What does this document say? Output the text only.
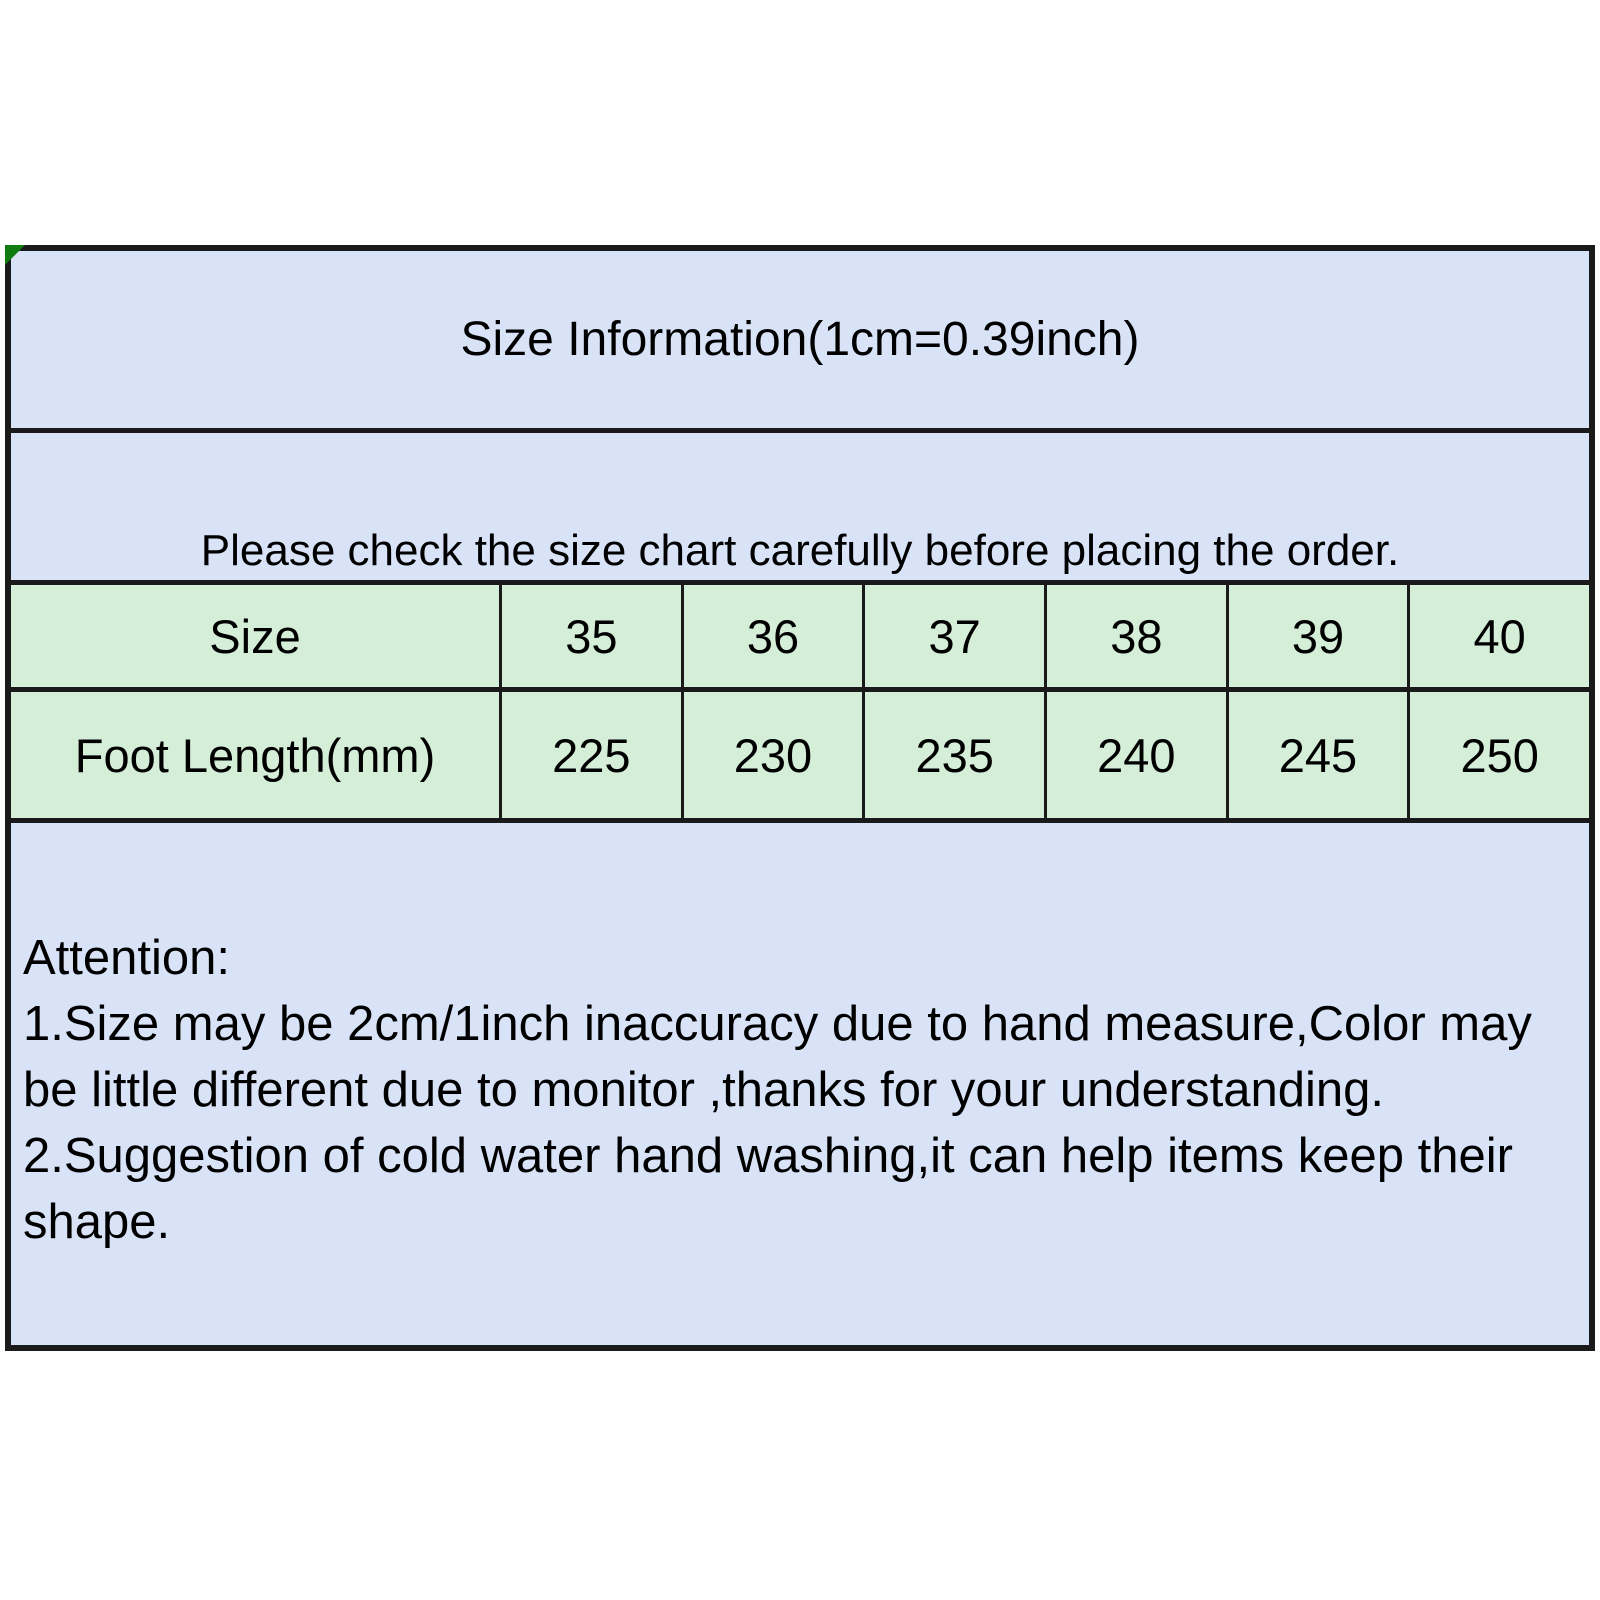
Size Information(1cm=0.39inch)
Please check the size chart carefully before placing the order.
Size	35	36	37	38	39	40
Foot Length(mm)	225	230	235	240	245	250
Attention:
1.Size may be 2cm/1inch inaccuracy due to hand measure,Color may
be little different due to monitor ,thanks for your understanding.
2.Suggestion of cold water hand washing,it can help items keep their
shape.
